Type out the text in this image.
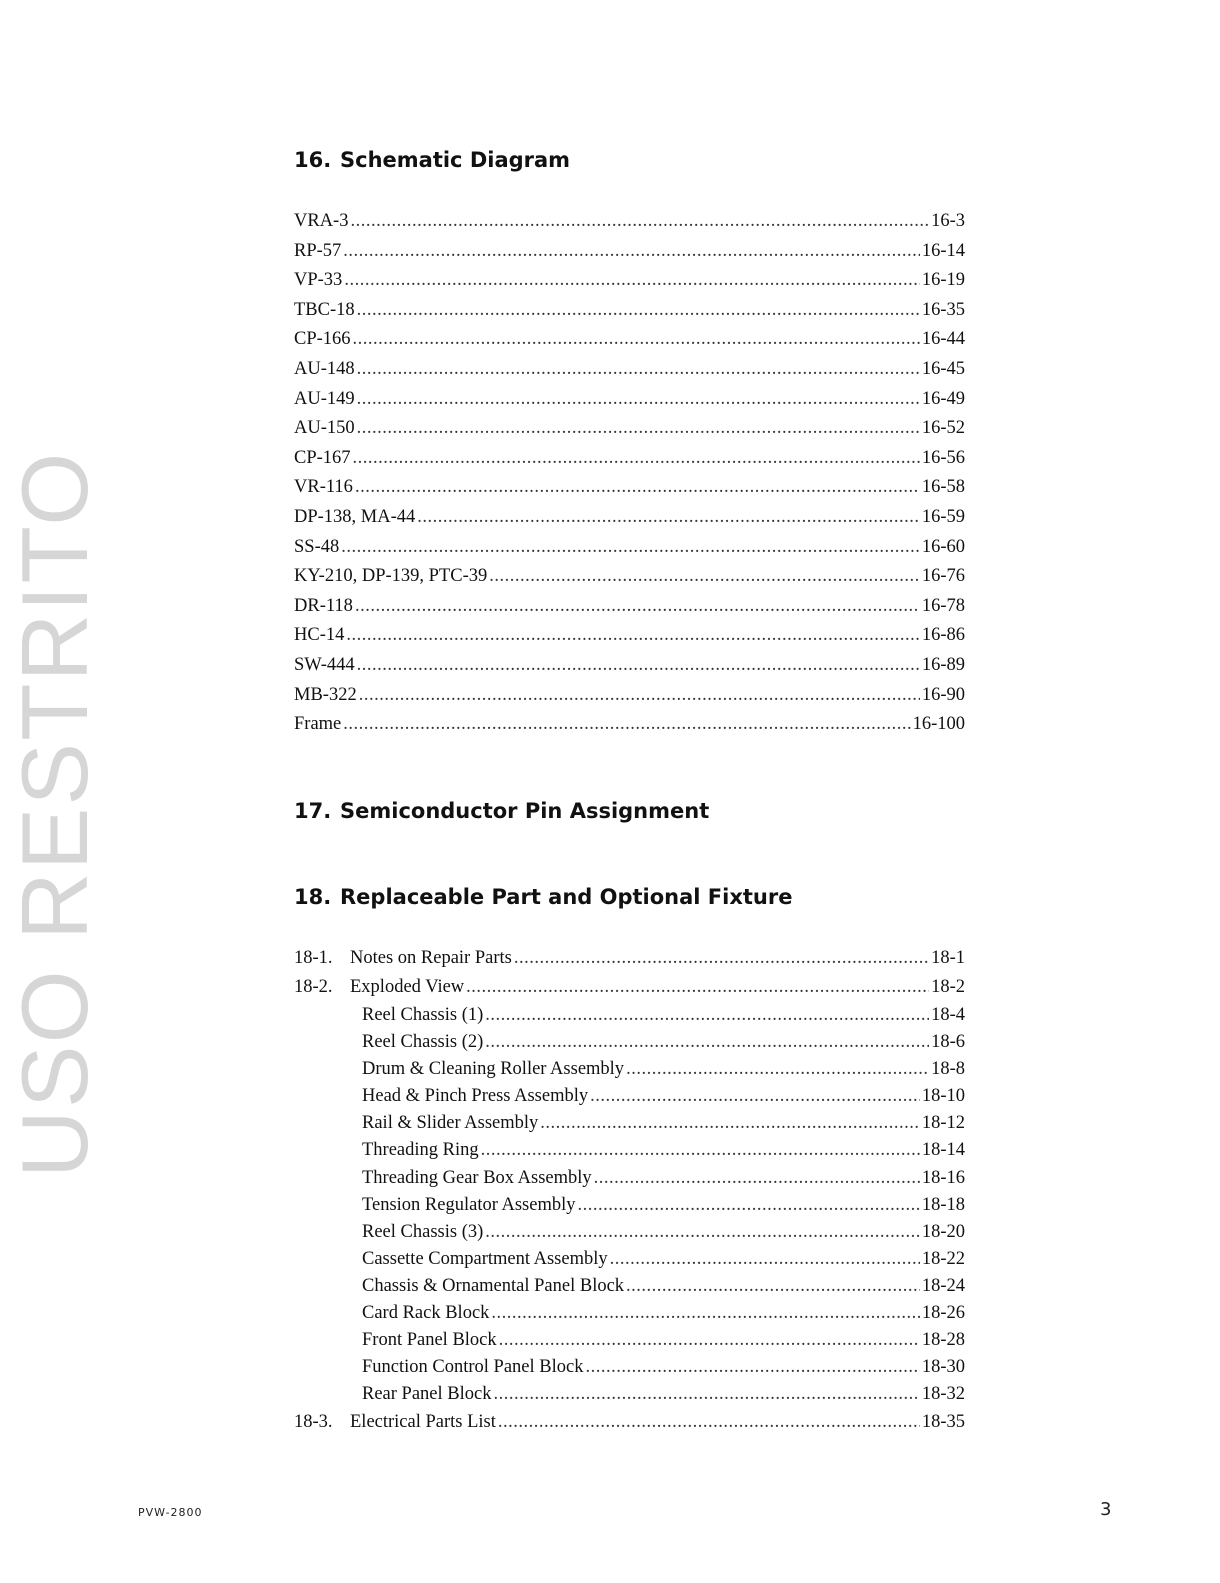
USO RESTRITO
16. Schematic Diagram
VRA-3 .....	16-3
RP-57 .....	16-14
VP-33 .....	16-19
TBC-18 .....	16-35
CP-166 .....	16-44
AU-148 .....	16-45
AU-149 .....	16-49
AU-150 .....	16-52
CP-167 .....	16-56
VR-116 .....	16-58
DP-138, MA-44 .....	16-59
SS-48 .....	16-60
KY-210, DP-139, PTC-39 .....	16-76
DR-118 .....	16-78
HC-14 .....	16-86
SW-444 .....	16-89
MB-322 .....	16-90
Frame .....	16-100
17. Semiconductor Pin Assignment
18. Replaceable Part and Optional Fixture
18-1. Notes on Repair Parts .....	18-1
18-2. Exploded View .....	18-2
Reel Chassis (1) .....	18-4
Reel Chassis (2) .....	18-6
Drum & Cleaning Roller Assembly .....	18-8
Head & Pinch Press Assembly .....	18-10
Rail & Slider Assembly .....	18-12
Threading Ring .....	18-14
Threading Gear Box Assembly .....	18-16
Tension Regulator Assembly .....	18-18
Reel Chassis (3) .....	18-20
Cassette Compartment Assembly .....	18-22
Chassis & Ornamental Panel Block .....	18-24
Card Rack Block .....	18-26
Front Panel Block .....	18-28
Function Control Panel Block .....	18-30
Rear Panel Block .....	18-32
18-3. Electrical Parts List .....	18-35
PVW-2800	3
